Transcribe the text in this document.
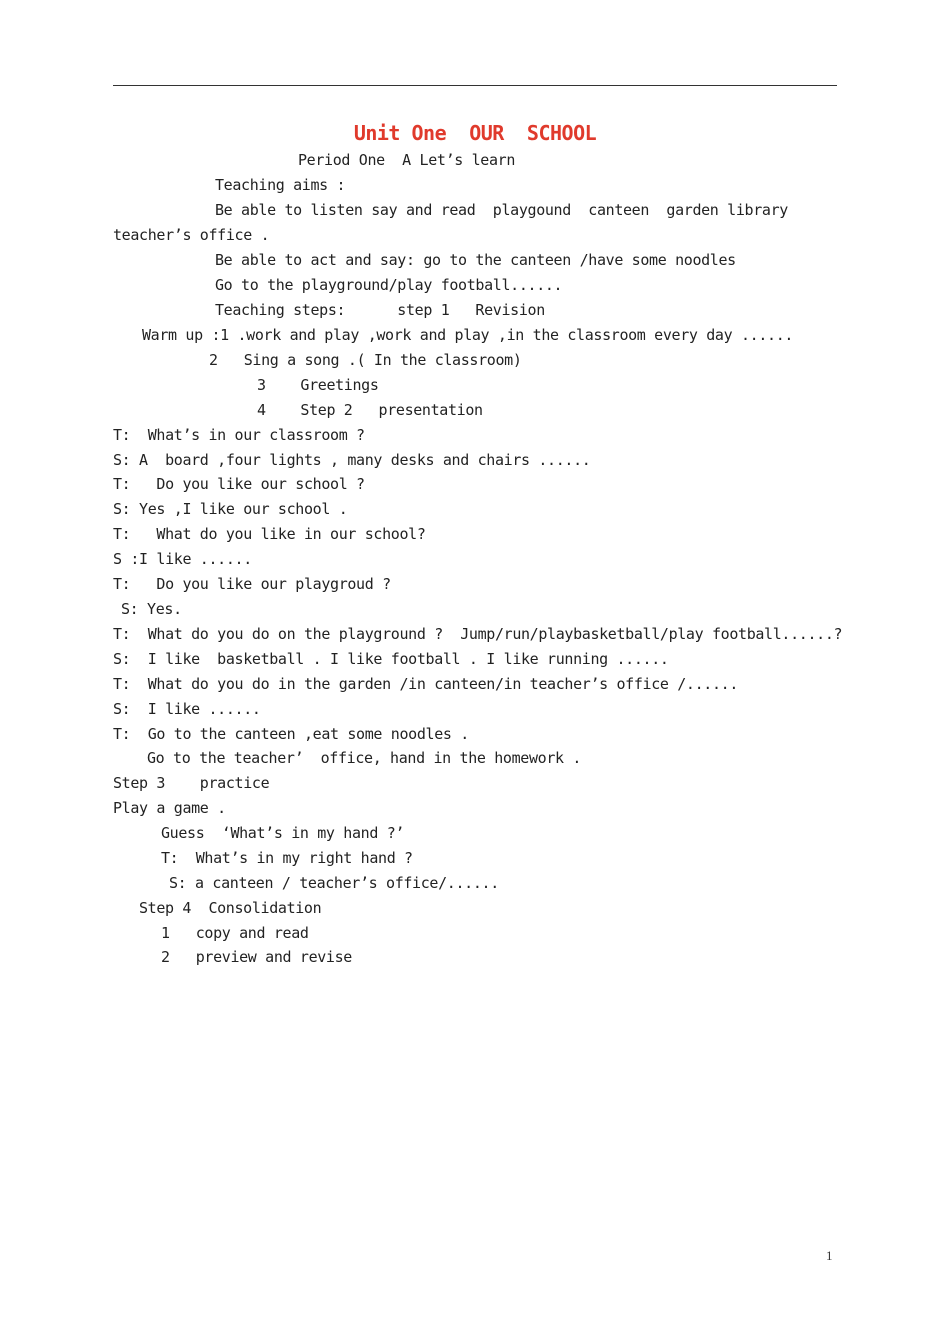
Unit One  OUR  SCHOOL
Period One  A Let’s learn
Teaching aims :
Be able to listen say and read  playgound  canteen  garden library
teacher’s office .
Be able to act and say: go to the canteen /have some noodles
Go to the playground/play football......
Teaching steps:      step 1   Revision
Warm up :1 .work and play ,work and play ,in the classroom every day ......
2   Sing a song .( In the classroom)
3    Greetings
4    Step 2   presentation
T:  What’s in our classroom ?
S: A  board ,four lights , many desks and chairs ......
T:   Do you like our school ?
S: Yes ,I like our school .
T:   What do you like in our school?
S :I like ......
T:   Do you like our playgroud ?
S: Yes.
T:  What do you do on the playground ?  Jump/run/playbasketball/play football......?
S:  I like  basketball . I like football . I like running ......
T:  What do you do in the garden /in canteen/in teacher’s office /......
S:  I like ......
T:  Go to the canteen ,eat some noodles .
Go to the teacher’  office, hand in the homework .
Step 3    practice
Play a game .
Guess  ‘What’s in my hand ?’
T:  What’s in my right hand ?
S: a canteen / teacher’s office/......
Step 4  Consolidation
1   copy and read
2   preview and revise
1
